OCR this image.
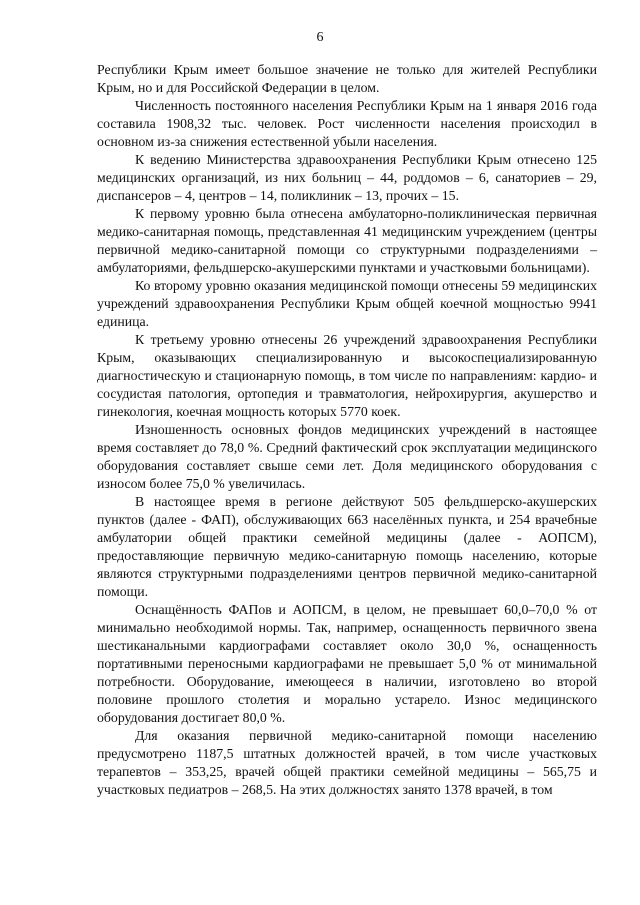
6

Республики Крым имеет большое значение не только для жителей Республики Крым, но и для Российской Федерации в целом.

Численность постоянного населения Республики Крым на 1 января 2016 года составила 1908,32 тыс. человек. Рост численности населения происходил в основном из-за снижения естественной убыли населения.

К ведению Министерства здравоохранения Республики Крым отнесено 125 медицинских организаций, из них больниц – 44, роддомов – 6, санаториев – 29, диспансеров – 4, центров – 14, поликлиник – 13, прочих – 15.

К первому уровню была отнесена амбулаторно-поликлиническая первичная медико-санитарная помощь, представленная 41 медицинским учреждением (центры первичной медико-санитарной помощи со структурными подразделениями – амбулаториями, фельдшерско-акушерскими пунктами и участковыми больницами).

Ко второму уровню оказания медицинской помощи отнесены 59 медицинских учреждений здравоохранения Республики Крым общей коечной мощностью 9941 единица.

К третьему уровню отнесены 26 учреждений здравоохранения Республики Крым, оказывающих специализированную и высокоспециализированную диагностическую и стационарную помощь, в том числе по направлениям: кардио- и сосудистая патология, ортопедия и травматология, нейрохирургия, акушерство и гинекология, коечная мощность которых 5770 коек.

Изношенность основных фондов медицинских учреждений в настоящее время составляет до 78,0 %. Средний фактический срок эксплуатации медицинского оборудования составляет свыше семи лет. Доля медицинского оборудования с износом более 75,0 % увеличилась.

В настоящее время в регионе действуют 505 фельдшерско-акушерских пунктов (далее - ФАП), обслуживающих 663 населённых пункта, и 254 врачебные амбулатории общей практики семейной медицины (далее - АОПСМ), предоставляющие первичную медико-санитарную помощь населению, которые являются структурными подразделениями центров первичной медико-санитарной помощи.

Оснащённость ФАПов и АОПСМ, в целом, не превышает 60,0–70,0 % от минимально необходимой нормы. Так, например, оснащенность первичного звена шестиканальными кардиографами составляет около 30,0 %, оснащенность портативными переносными кардиографами не превышает 5,0 % от минимальной потребности. Оборудование, имеющееся в наличии, изготовлено во второй половине прошлого столетия и морально устарело. Износ медицинского оборудования достигает 80,0 %.

Для оказания первичной медико-санитарной помощи населению предусмотрено 1187,5 штатных должностей врачей, в том числе участковых терапевтов – 353,25, врачей общей практики семейной медицины – 565,75 и участковых педиатров – 268,5. На этих должностях занято 1378 врачей, в том
